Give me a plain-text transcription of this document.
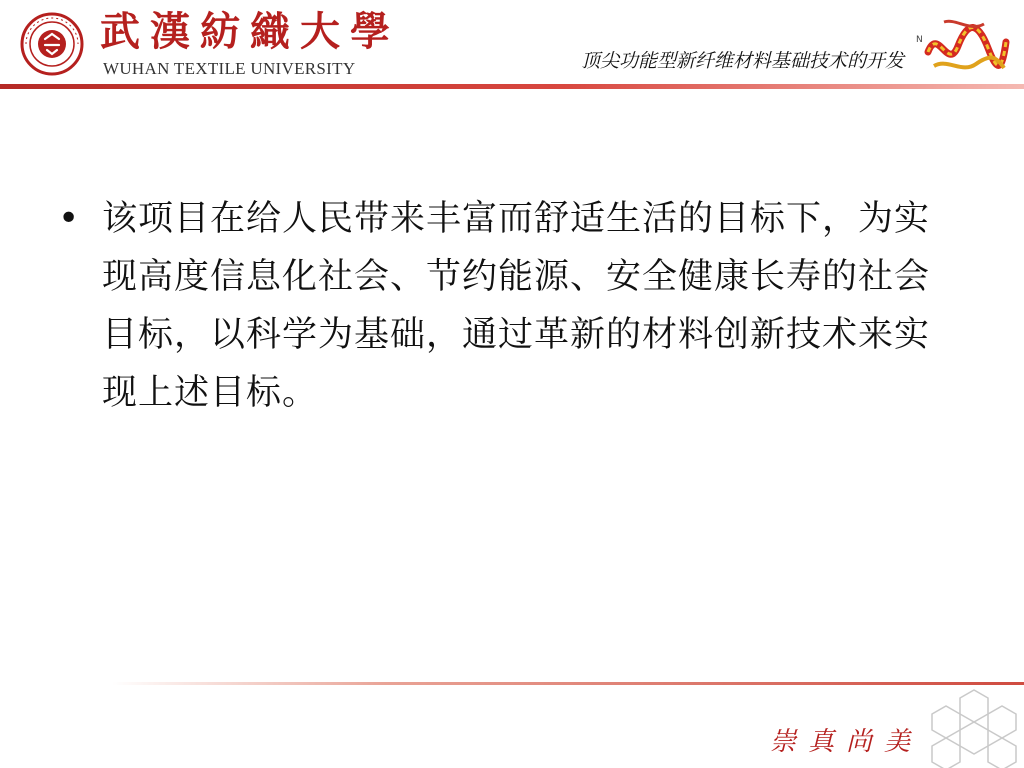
武漢紡織大學
WUHAN TEXTILE UNIVERSITY	顶尖功能型新纤维材料基础技术的开发
N
• 该项目在给人民带来丰富而舒适生活的目标下，为实现高度信息化社会、节约能源、安全健康长寿的社会目标，以科学为基础，通过革新的材料创新技术来实现上述目标。

崇真尚美
